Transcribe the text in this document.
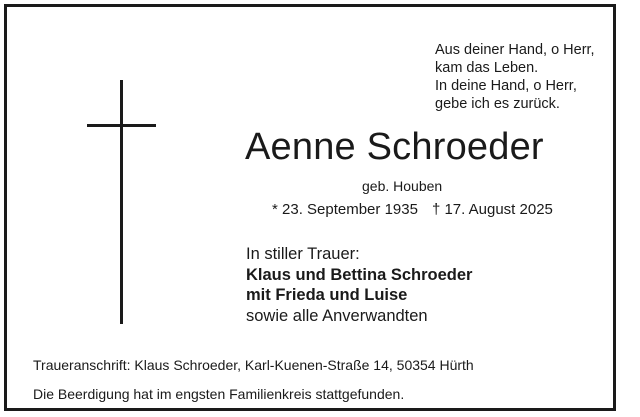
Aus deiner Hand, o Herr,
kam das Leben.
In deine Hand, o Herr,
gebe ich es zurück.
Aenne Schroeder
geb. Houben
* 23. September 1935 † 17. August 2025
In stiller Trauer:
Klaus und Bettina Schroeder
mit Frieda und Luise
sowie alle Anverwandten
Traueranschrift: Klaus Schroeder, Karl-Kuenen-Straße 14, 50354 Hürth
Die Beerdigung hat im engsten Familienkreis stattgefunden.
